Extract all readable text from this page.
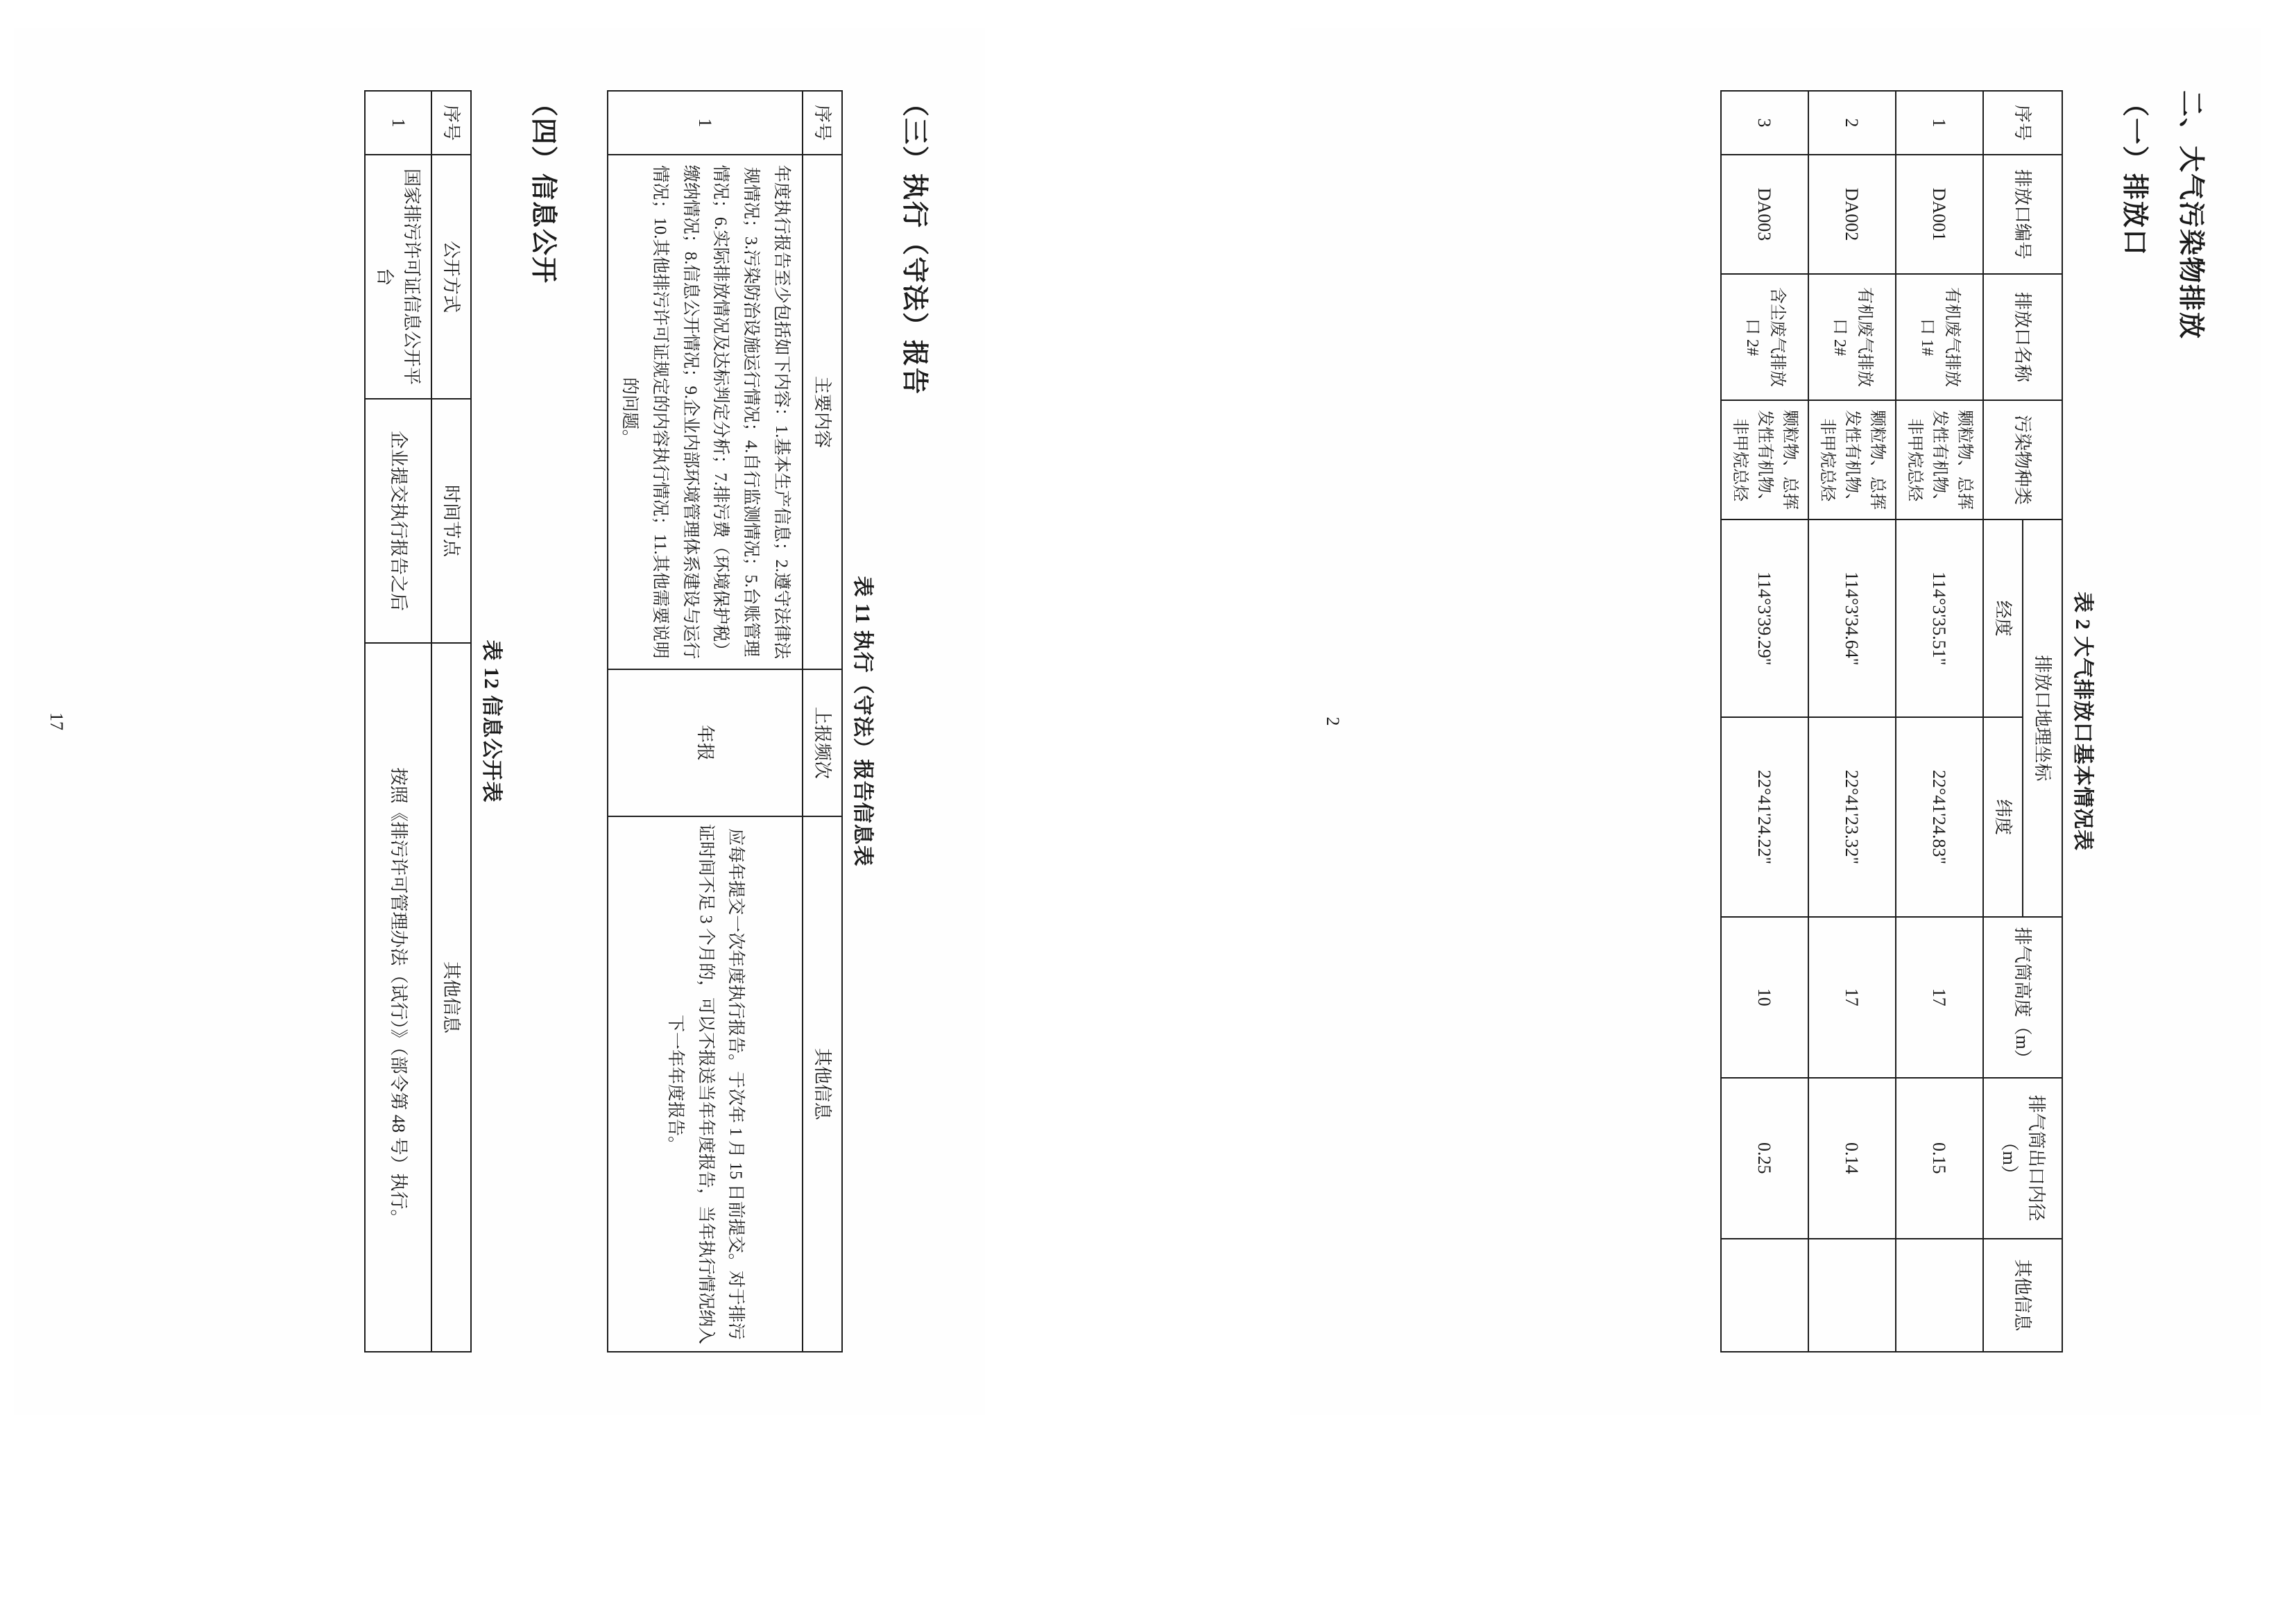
（三）执行（守法）报告
表 11 执行（守法）报告信息表
序号	主要内容	上报频次	其他信息
1	年度执行报告至少包括如下内容：1.基本生产信息；2.遵守法律法规情况；3.污染防治设施运行情况；4.自行监测情况；5.台账管理情况；6.实际排放情况及达标判定分析；7.排污费（环境保护税）缴纳情况；8.信息公开情况；9.企业内部环境管理体系建设与运行情况；10.其他排污许可证规定的内容执行情况；11.其他需要说明的问题。	年报	应每年提交一次年度执行报告。于次年 1 月 15 日前提交。对于排污证时间不足 3 个月的，可以不报送当年年度报告，当年执行情况纳入下一年年度报告。
（四）信息公开
表 12 信息公开表
序号	公开方式	时间节点	其他信息
1	国家排污许可证信息公开平台	企业提交执行报告之后	按照《排污许可管理办法（试行）》（部令第 48 号）执行。
17
二、大气污染物排放
（一）排放口
表 2 大气排放口基本情况表
序号	排放口编号	排放口名称	污染物种类	排放口地理坐标		排气筒高度（m）	排气筒出口内径（m）	其他信息
				经度	纬度			
1	DA001	有机废气排放口 1#	颗粒物、总挥发性有机物、非甲烷总烃	114°3'35.51"	22°41'24.83"	17	0.15	
2	DA002	有机废气排放口 2#	颗粒物、总挥发性有机物、非甲烷总烃	114°3'34.64"	22°41'23.32"	17	0.14	
3	DA003	含尘废气排放口 2#	颗粒物、总挥发性有机物、非甲烷总烃	114°3'39.29"	22°41'24.22"	10	0.25	
2
